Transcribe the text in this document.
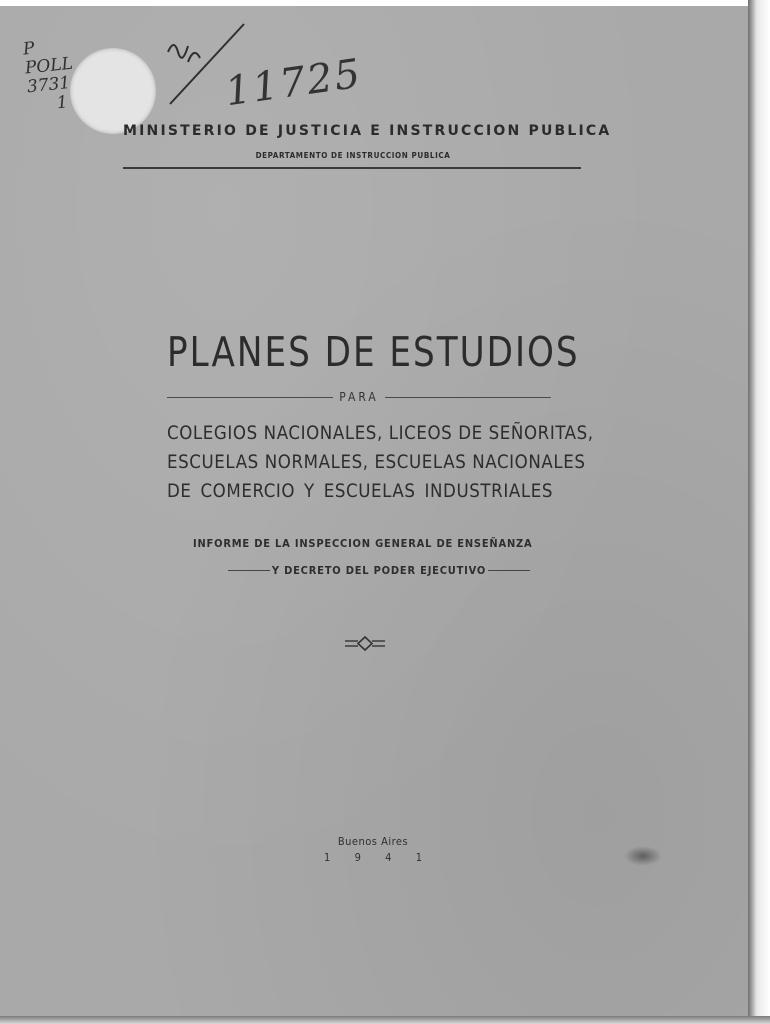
P
POLL
3731
1	11725
MINISTERIO DE JUSTICIA E INSTRUCCION PUBLICA
DEPARTAMENTO DE INSTRUCCION PUBLICA
PLANES DE ESTUDIOS
PARA
COLEGIOS NACIONALES, LICEOS DE SEÑORITAS,
ESCUELAS NORMALES, ESCUELAS NACIONALES
DE COMERCIO Y ESCUELAS INDUSTRIALES
INFORME DE LA INSPECCION GENERAL DE ENSEÑANZA
Y DECRETO DEL PODER EJECUTIVO
Buenos Aires
1 9 4 1
